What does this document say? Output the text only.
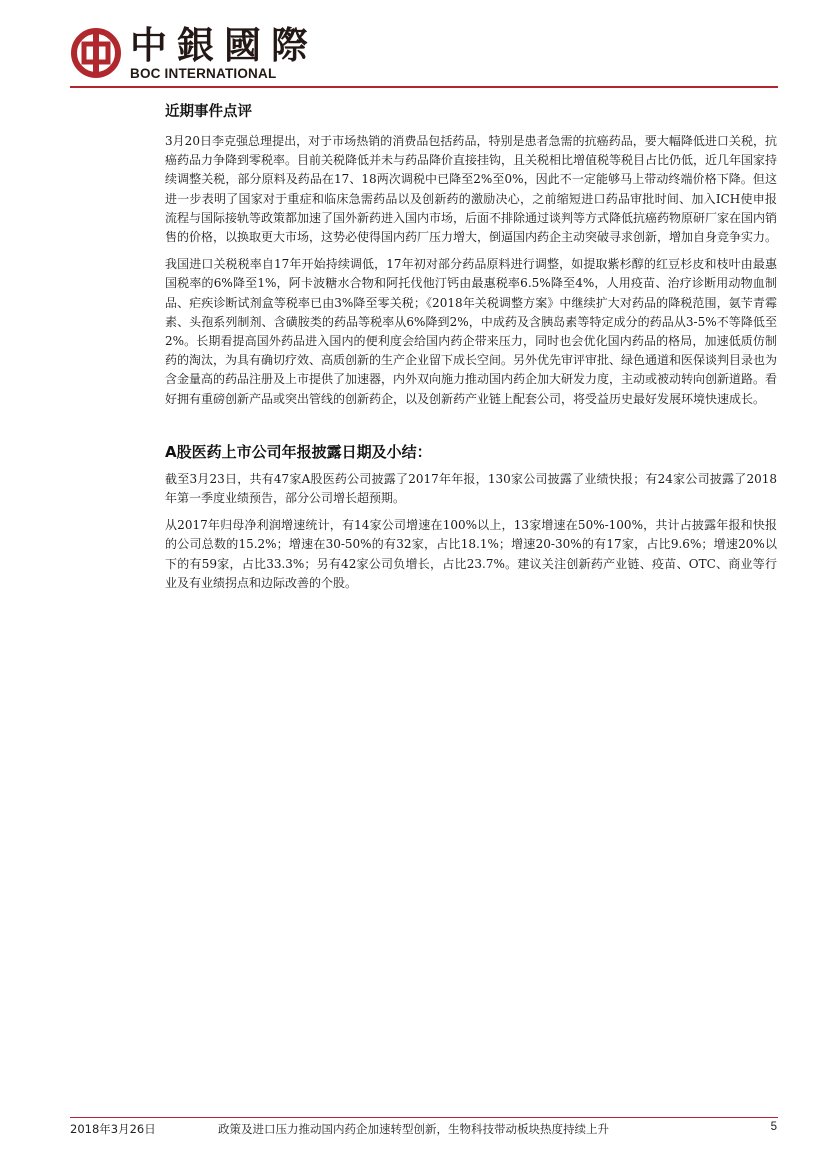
中銀國際
BOC INTERNATIONAL
近期事件点评

3月20日李克强总理提出，对于市场热销的消费品包括药品，特别是患者急需的抗癌药品，要大幅降低进口关税，抗癌药品力争降到零税率。目前关税降低并未与药品降价直接挂钩，且关税相比增值税等税目占比仍低，近几年国家持续调整关税，部分原料及药品在17、18两次调税中已降至2%至0%，因此不一定能够马上带动终端价格下降。但这进一步表明了国家对于重症和临床急需药品以及创新药的激励决心，之前缩短进口药品审批时间、加入ICH使申报流程与国际接轨等政策都加速了国外新药进入国内市场，后面不排除通过谈判等方式降低抗癌药物原研厂家在国内销售的价格，以换取更大市场，这势必使得国内药厂压力增大，倒逼国内药企主动突破寻求创新，增加自身竞争实力。

我国进口关税税率自17年开始持续调低，17年初对部分药品原料进行调整，如提取紫杉醇的红豆杉皮和枝叶由最惠国税率的6%降至1%，阿卡波糖水合物和阿托伐他汀钙由最惠税率6.5%降至4%，人用疫苗、治疗诊断用动物血制品、疟疾诊断试剂盒等税率已由3%降至零关税；《2018年关税调整方案》中继续扩大对药品的降税范围，氨苄青霉素、头孢系列制剂、含磺胺类的药品等税率从6%降到2%，中成药及含胰岛素等特定成分的药品从3-5%不等降低至2%。长期看提高国外药品进入国内的便利度会给国内药企带来压力，同时也会优化国内药品的格局，加速低质仿制药的淘汰，为具有确切疗效、高质创新的生产企业留下成长空间。另外优先审评审批、绿色通道和医保谈判目录也为含金量高的药品注册及上市提供了加速器，内外双向施力推动国内药企加大研发力度，主动或被动转向创新道路。看好拥有重磅创新产品或突出管线的创新药企，以及创新药产业链上配套公司，将受益历史最好发展环境快速成长。

A股医药上市公司年报披露日期及小结：

截至3月23日，共有47家A股医药公司披露了2017年年报，130家公司披露了业绩快报；有24家公司披露了2018年第一季度业绩预告，部分公司增长超预期。

从2017年归母净利润增速统计，有14家公司增速在100%以上，13家增速在50%-100%，共计占披露年报和快报的公司总数的15.2%；增速在30-50%的有32家，占比18.1%；增速20-30%的有17家，占比9.6%；增速20%以下的有59家，占比33.3%；另有42家公司负增长，占比23.7%。建议关注创新药产业链、疫苗、OTC、商业等行业及有业绩拐点和边际改善的个股。

2018年3月26日	政策及进口压力推动国内药企加速转型创新，生物科技带动板块热度持续上升	5
